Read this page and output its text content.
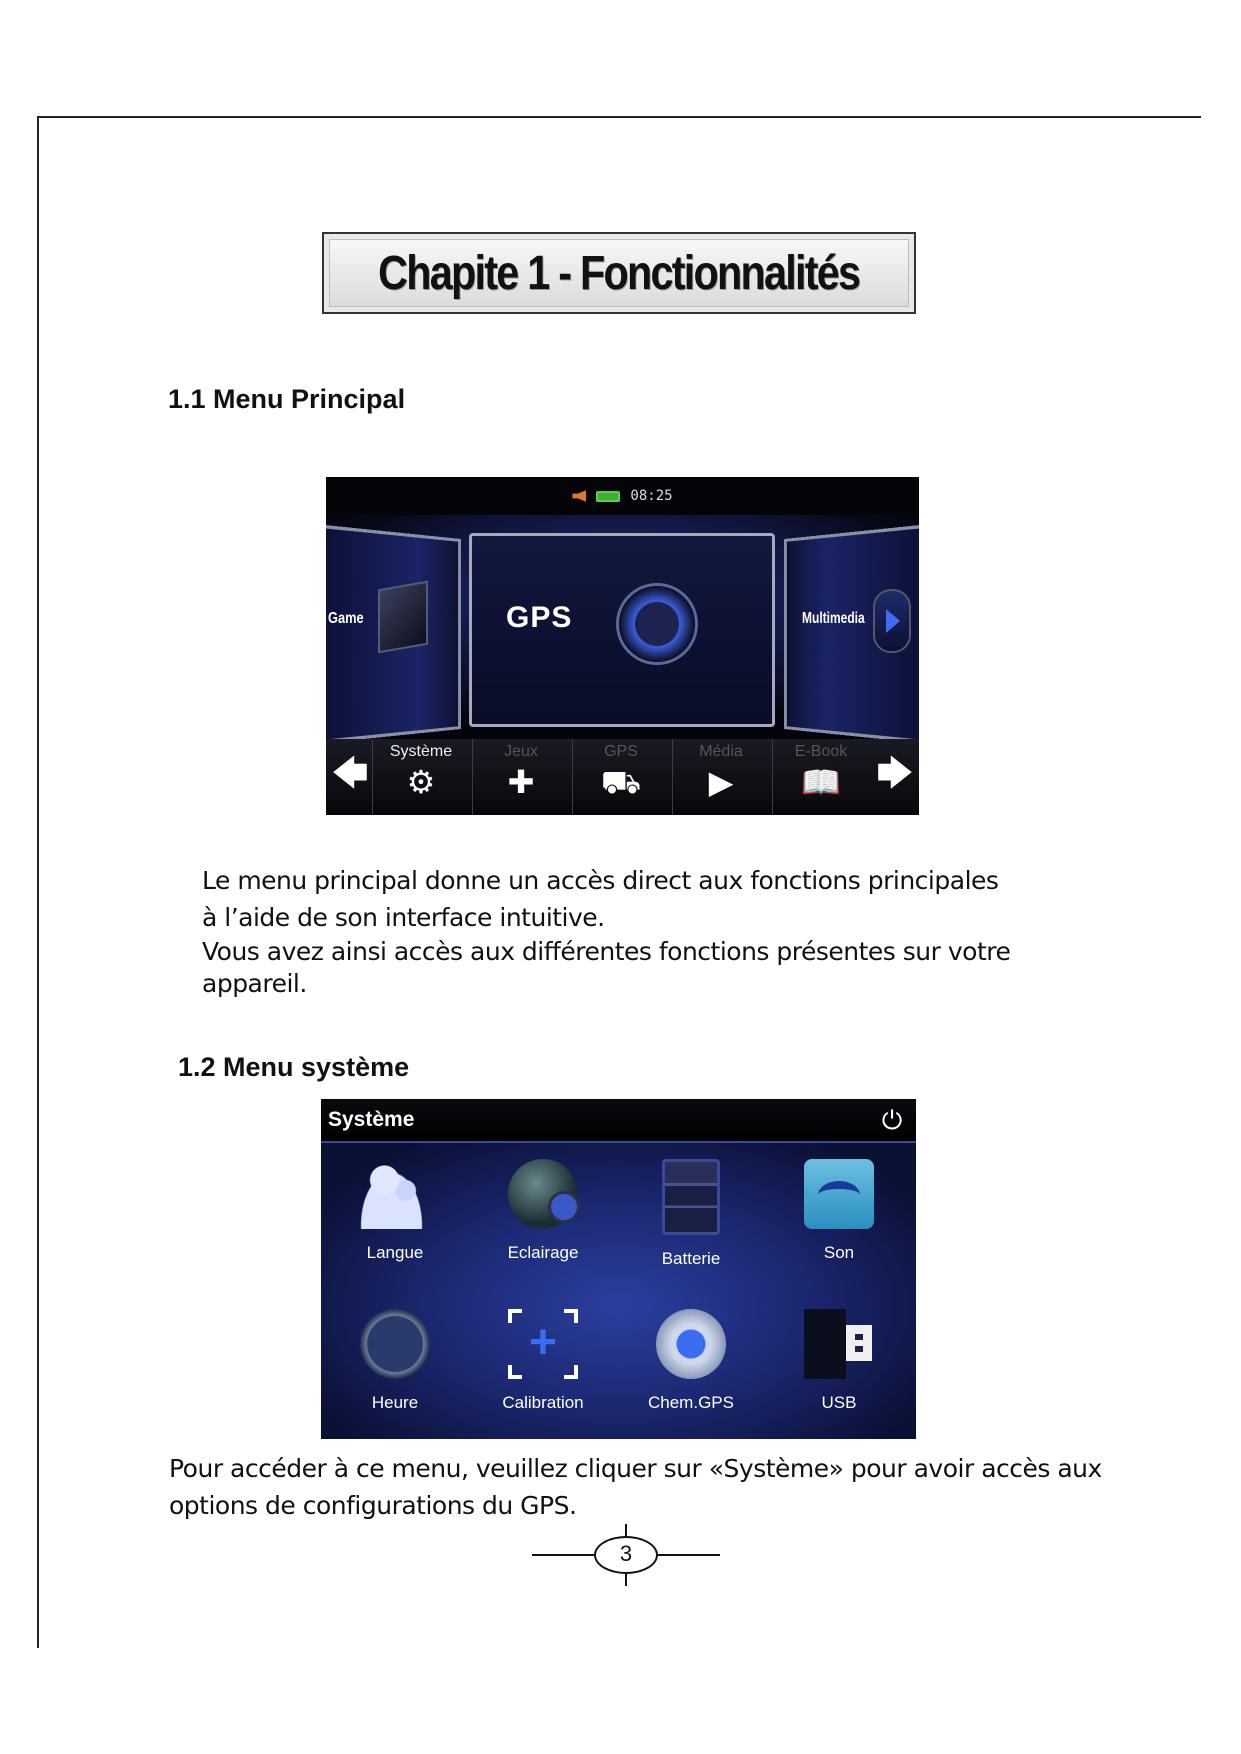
Chapite 1 - Fonctionnalités
1.1 Menu Principal
08:25
Game	GPS	Multimedia
🡄	Système
⚙
Jeux
✚
GPS
⛟
Média
▶
E-Book
📖 🡆
Le menu principal donne un accès direct aux fonctions principales
à l’aide de son interface intuitive.
Vous avez ainsi accès aux différentes fonctions présentes sur votre
appareil.
1.2 Menu système
Système	⏻
Langue	Eclairage	Batterie	Son
Heure
+	Calibration	Chem.GPS	USB
Pour accéder à ce menu, veuillez cliquer sur «Système» pour avoir accès aux
options de configurations du GPS.
3
